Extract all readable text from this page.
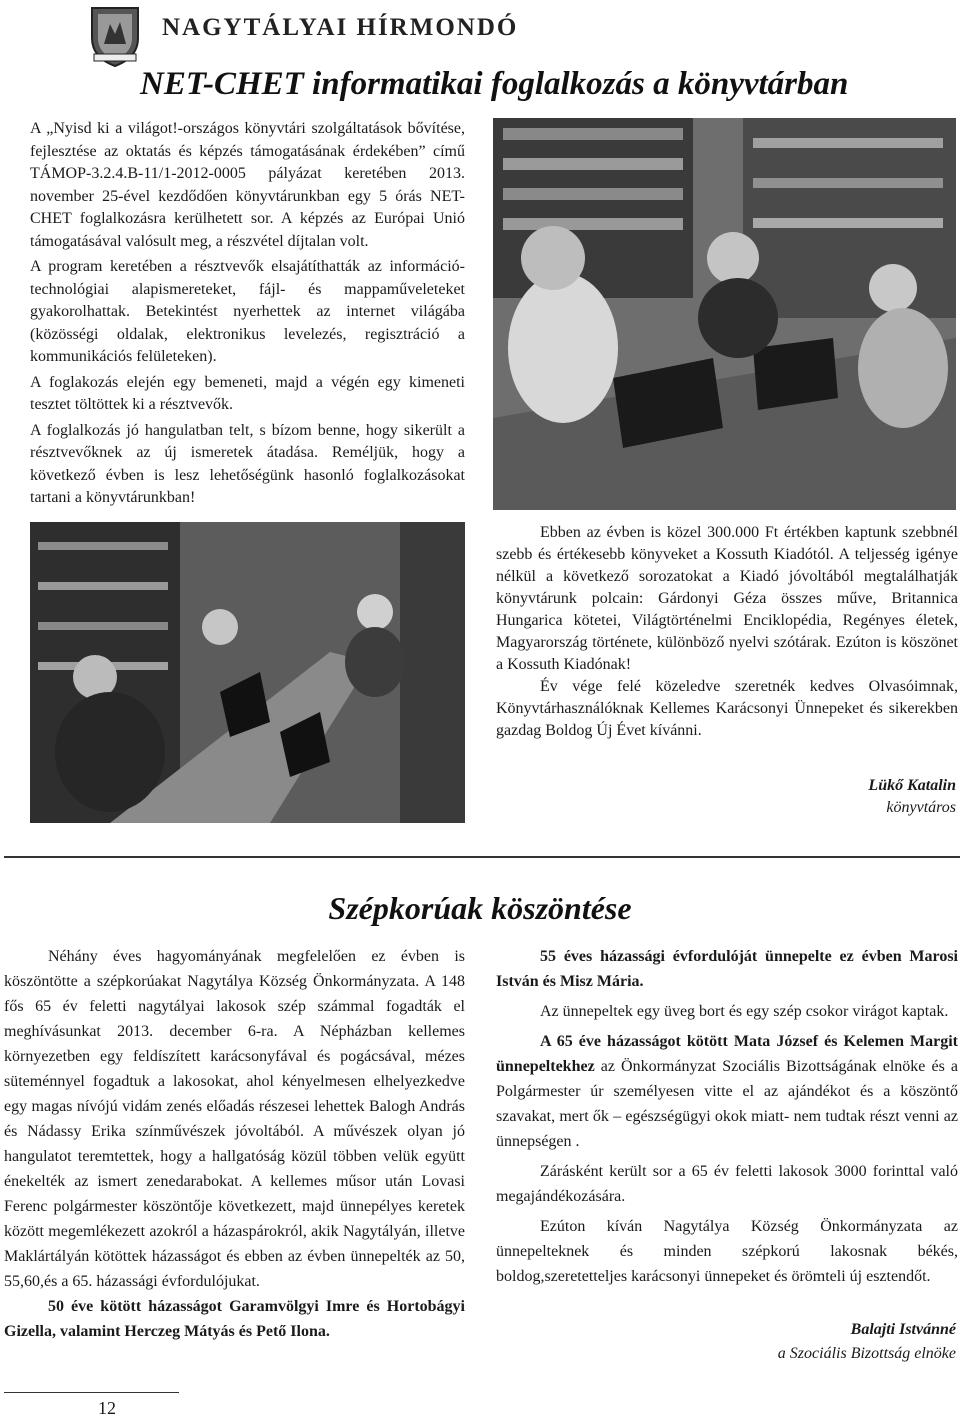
NAGYTÁLYAI HÍRMONDÓ
NET-CHET informatikai foglalkozás a könyvtárban

A „Nyisd ki a világot!-országos könyvtári szolgáltatások bővítése, fejlesztése az oktatás és képzés támogatásának érdekében” című TÁMOP-3.2.4.B-11/1-2012-0005 pályázat keretében 2013. november 25-ével kezdődően könyvtárunkban egy 5 órás NET-CHET foglalkozásra kerülhetett sor. A képzés az Európai Unió támogatásával valósult meg, a részvétel díjtalan volt.

A program keretében a résztvevők elsajátíthatták az információ-technológiai alapismereteket, fájl- és mappaműveleteket gyakorolhattak. Betekintést nyerhettek az internet világába (közösségi oldalak, elektronikus levelezés, regisztráció a kommunikációs felületeken).

A foglakozás elején egy bemeneti, majd a végén egy kimeneti tesztet töltöttek ki a résztvevők.

A foglalkozás jó hangulatban telt, s bízom benne, hogy sikerült a résztvevőknek az új ismeretek átadása. Reméljük, hogy a következő évben is lesz lehetőségünk hasonló foglalkozásokat tartani a könyvtárunkban!

Ebben az évben is közel 300.000 Ft értékben kaptunk szebbnél szebb és értékesebb könyveket a Kossuth Kiadótól. A teljesség igénye nélkül a következő sorozatokat a Kiadó jóvoltából megtalálhatják könyvtárunk polcain: Gárdonyi Géza összes műve, Britannica Hungarica kötetei, Világtörténelmi Enciklopédia, Regényes életek, Magyarország története, különböző nyelvi szótárak. Ezúton is köszönet a Kossuth Kiadónak!

Év vége felé közeledve szeretnék kedves Olvasóimnak, Könyvtárhasználóknak Kellemes Karácsonyi Ünnepeket és sikerekben gazdag Boldog Új Évet kívánni.

Lükő Katalin
könyvtáros
Szépkorúak köszöntése

Néhány éves hagyományának megfelelően ez évben is köszöntötte a szépkorúakat Nagytálya Község Önkormányzata. A 148 fős 65 év feletti nagytályai lakosok szép számmal fogadták el meghívásunkat 2013. december 6-ra. A Népházban kellemes környezetben egy feldíszített karácsonyfával és pogácsával, mézes süteménnyel fogadtuk a lakosokat, ahol kényelmesen elhelyezkedve egy magas nívójú vidám zenés előadás részesei lehettek Balogh András és Nádassy Erika színművészek jóvoltából. A művészek olyan jó hangulatot teremtettek, hogy a hallgatóság közül többen velük együtt énekelték az ismert zenedarabokat. A kellemes műsor után Lovasi Ferenc polgármester köszöntője következett, majd ünnepélyes keretek között megemlékezett azokról a házaspárokról, akik Nagytályán, illetve Maklártályán kötöttek házasságot és ebben az évben ünnepelték az 50, 55,60,és a 65. házassági évfordulójukat.

50 éve kötött házasságot Garamvölgyi Imre és Hortobágyi Gizella, valamint Herczeg Mátyás és Pető Ilona.

55 éves házassági évfordulóját ünnepelte ez évben Marosi István és Misz Mária.

Az ünnepeltek egy üveg bort és egy szép csokor virágot kaptak.

A 65 éve házasságot kötött Mata József és Kelemen Margit ünnepeltekhez az Önkormányzat Szociális Bizottságának elnöke és a Polgármester úr személyesen vitte el az ajándékot és a köszöntő szavakat, mert ők – egészségügyi okok miatt- nem tudtak részt venni az ünnepségen .

Zárásként került sor a 65 év feletti lakosok 3000 forinttal való megajándékozására.

Ezúton kíván Nagytálya Község Önkormányzata az ünnepelteknek és minden szépkorú lakosnak békés, boldog,szeretetteljes karácsonyi ünnepeket és örömteli új esztendőt.

Balajti Istvánné
a Szociális Bizottság elnöke
12
